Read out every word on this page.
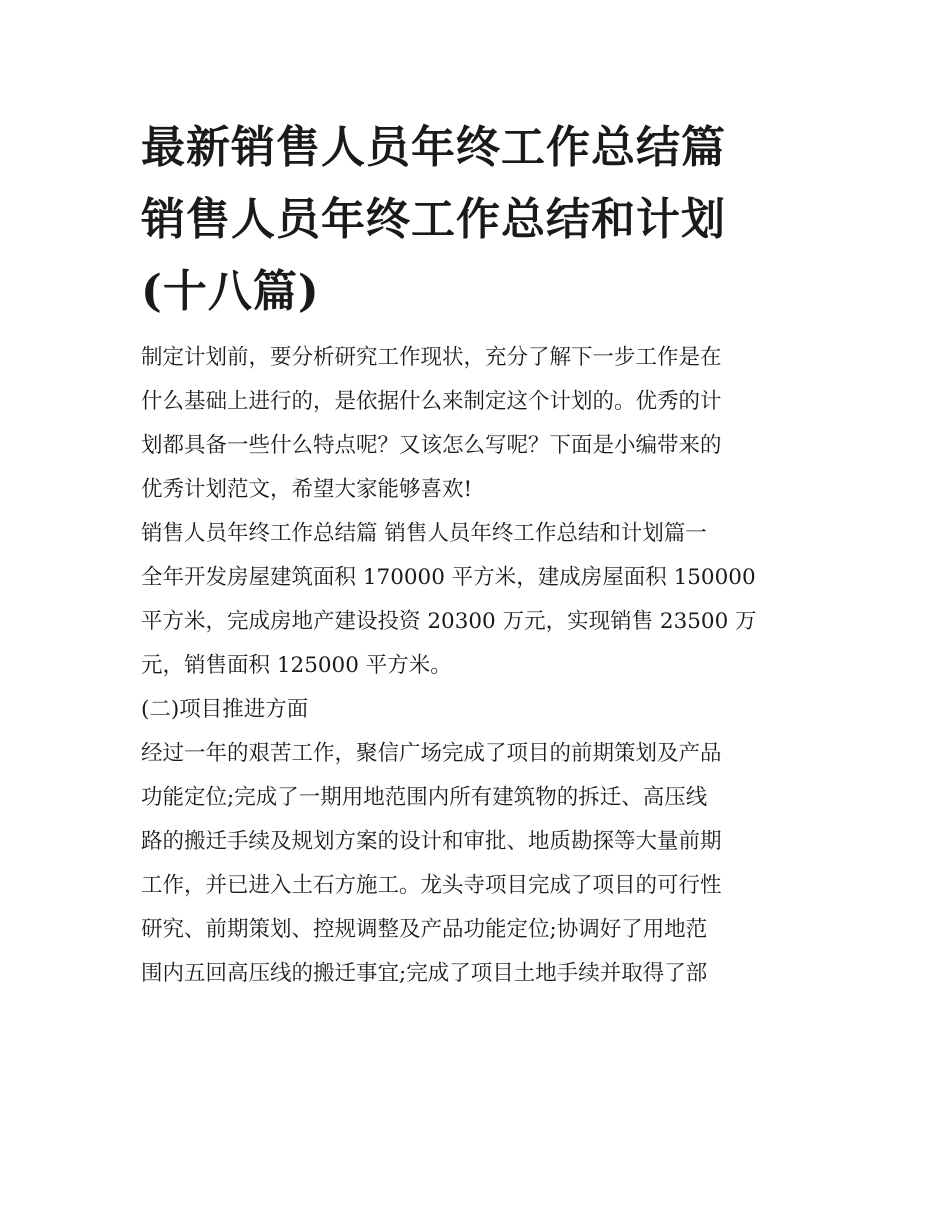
最新销售人员年终工作总结篇
销售人员年终工作总结和计划
(十八篇)
制定计划前，要分析研究工作现状，充分了解下一步工作是在
什么基础上进行的，是依据什么来制定这个计划的。优秀的计
划都具备一些什么特点呢？又该怎么写呢？下面是小编带来的
优秀计划范文，希望大家能够喜欢!
销售人员年终工作总结篇 销售人员年终工作总结和计划篇一
全年开发房屋建筑面积 170000 平方米，建成房屋面积 150000
平方米，完成房地产建设投资 20300 万元，实现销售 23500 万
元，销售面积 125000 平方米。
(二)项目推进方面
经过一年的艰苦工作，聚信广场完成了项目的前期策划及产品
功能定位;完成了一期用地范围内所有建筑物的拆迁、高压线
路的搬迁手续及规划方案的设计和审批、地质勘探等大量前期
工作，并已进入土石方施工。龙头寺项目完成了项目的可行性
研究、前期策划、控规调整及产品功能定位;协调好了用地范
围内五回高压线的搬迁事宜;完成了项目土地手续并取得了部
